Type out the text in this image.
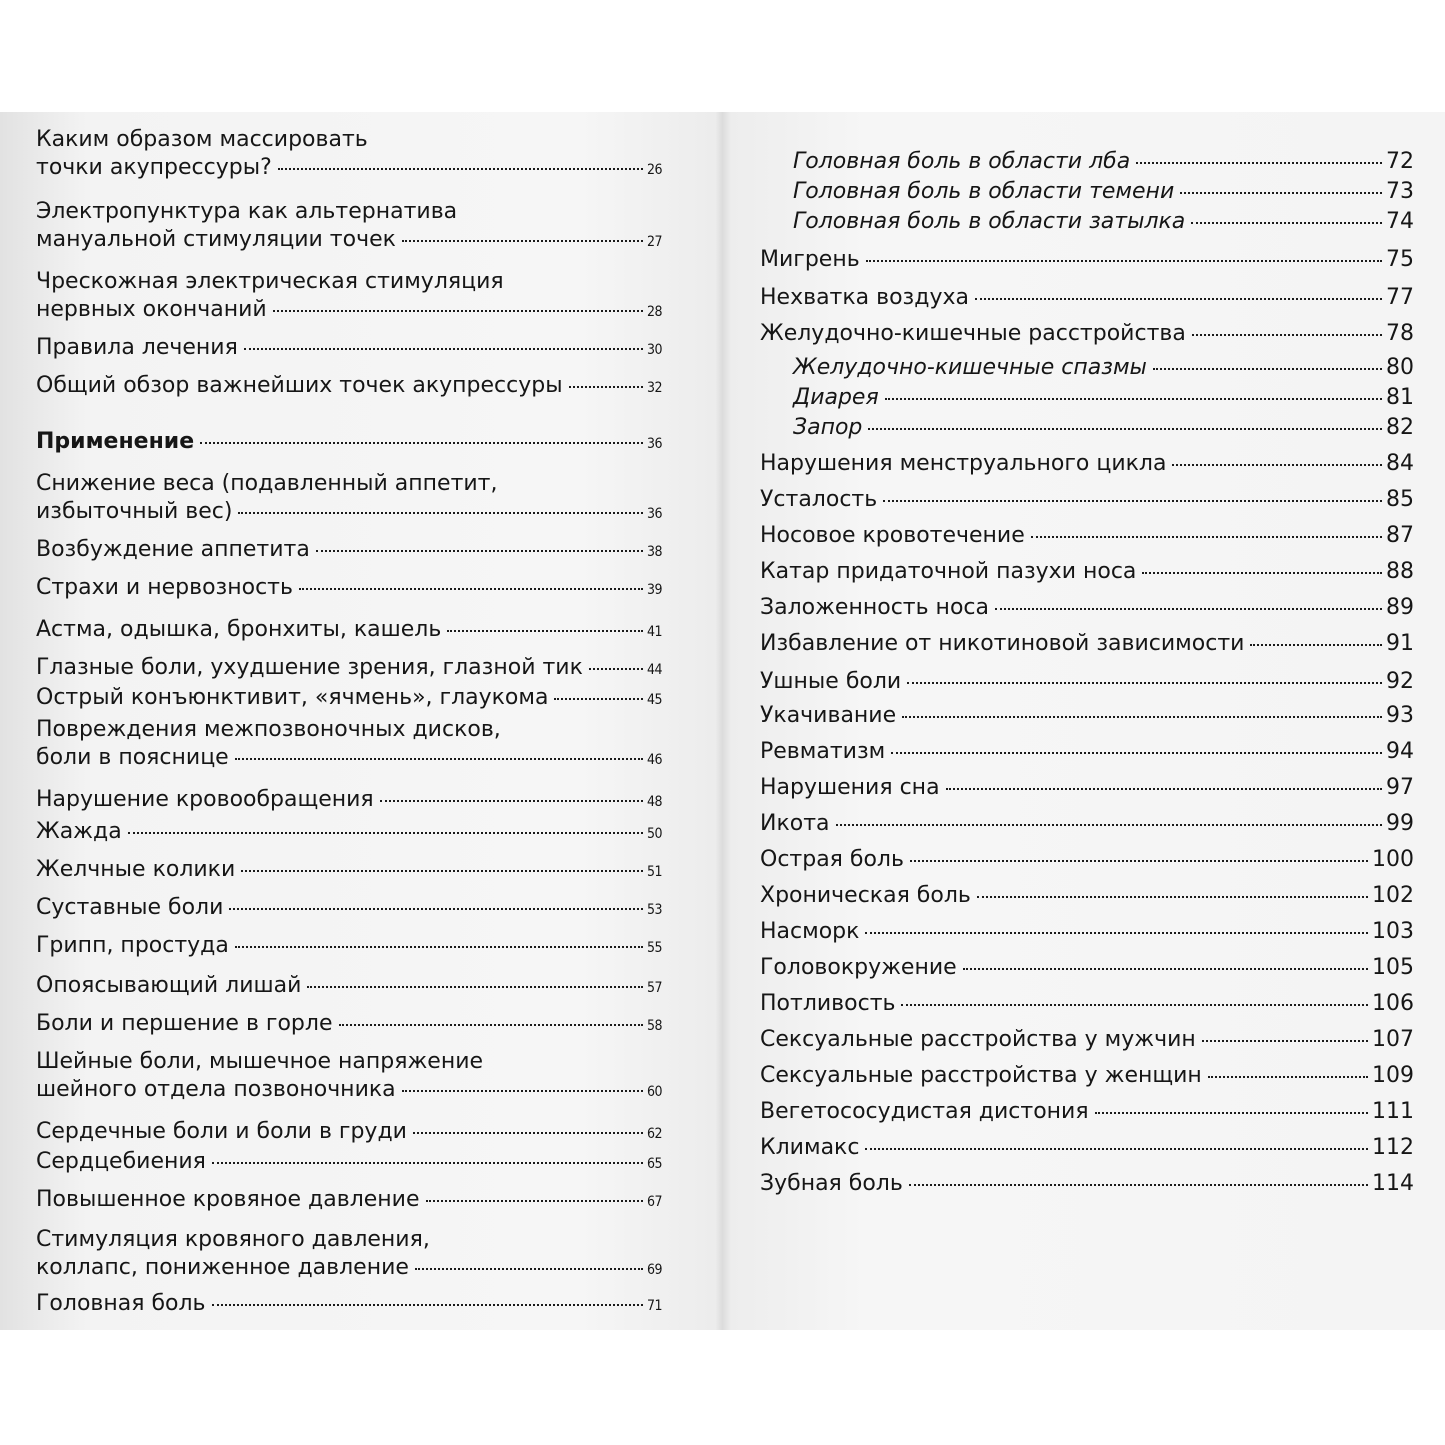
Каким образом массировать
точки акупрессуры?	26
Электропунктура как альтернатива
мануальной стимуляции точек	27
Чрескожная электрическая стимуляция
нервных окончаний	28
Правила лечения	30
Общий обзор важнейших точек акупрессуры	32
Применение	36
Снижение веса (подавленный аппетит,
избыточный вес)	36
Возбуждение аппетита	38
Страхи и нервозность	39
Астма, одышка, бронхиты, кашель	41
Глазные боли, ухудшение зрения, глазной тик	44
Острый конъюнктивит, «ячмень», глаукома	45
Повреждения межпозвоночных дисков,
боли в пояснице	46
Нарушение кровообращения	48
Жажда	50
Желчные колики	51
Суставные боли	53
Грипп, простуда	55
Опоясывающий лишай	57
Боли и першение в горле	58
Шейные боли, мышечное напряжение
шейного отдела позвоночника	60
Сердечные боли и боли в груди	62
Сердцебиения	65
Повышенное кровяное давление	67
Стимуляция кровяного давления,
коллапс, пониженное давление	69
Головная боль	71
Головная боль в области лба	72
Головная боль в области темени	73
Головная боль в области затылка	74
Мигрень	75
Нехватка воздуха	77
Желудочно-кишечные расстройства	78
Желудочно-кишечные спазмы	80
Диарея	81
Запор	82
Нарушения менструального цикла	84
Усталость	85
Носовое кровотечение	87
Катар придаточной пазухи носа	88
Заложенность носа	89
Избавление от никотиновой зависимости	91
Ушные боли	92
Укачивание	93
Ревматизм	94
Нарушения сна	97
Икота	99
Острая боль	100
Хроническая боль	102
Насморк	103
Головокружение	105
Потливость	106
Сексуальные расстройства у мужчин	107
Сексуальные расстройства у женщин	109
Вегетососудистая дистония	111
Климакс	112
Зубная боль	114
